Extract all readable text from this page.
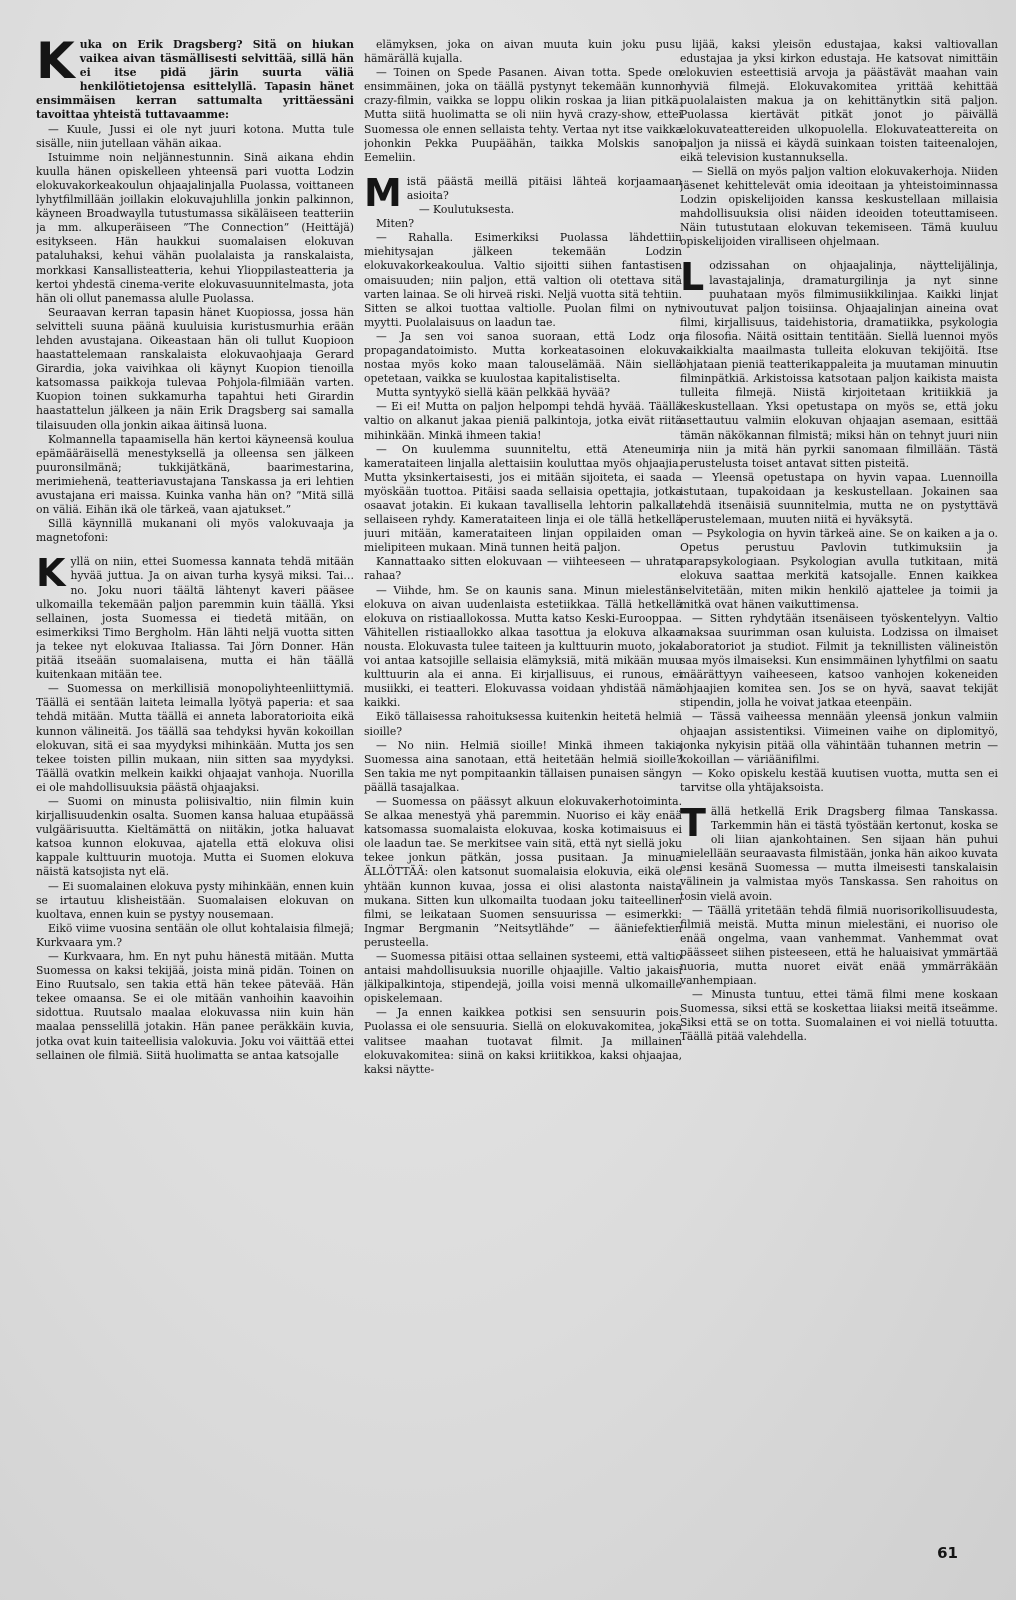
Kuka on Erik Dragsberg? Sitä on hiukan vaikea aivan täsmällisesti selvittää, sillä hän ei itse pidä järin suurta väliä henkilötietojensa esittelyllä. Tapasin hänet ensimmäisen kerran sattumalta yrittäessäni tavoittaa yhteistä tuttavaamme:

— Kuule, Jussi ei ole nyt juuri kotona. Mutta tule sisälle, niin jutellaan vähän aikaa.

Istuimme noin neljännestunnin. Sinä aikana ehdin kuulla hänen opiskelleen yhteensä pari vuotta Lodzin elokuvakorkeakoulun ohjaajalinjalla Puolassa, voittaneen lyhytfilmillään joillakin elokuvajuhlilla jonkin palkinnon, käyneen Broadwaylla tutustumassa sikäläiseen teatteriin ja mm. alkuperäiseen ”The Connection” (Heittäjä) esitykseen. Hän haukkui suomalaisen elokuvan pataluhaksi, kehui vähän puolalaista ja ranskalaista, morkkasi Kansallisteatteria, kehui Ylioppilasteatteria ja kertoi yhdestä cinema-verite elokuvasuunnitelmasta, jota hän oli ollut panemassa alulle Puolassa.

Seuraavan kerran tapasin hänet Kuopiossa, jossa hän selvitteli suuna päänä kuuluisia kuristusmurhia erään lehden avustajana. Oikeastaan hän oli tullut Kuopioon haastattelemaan ranskalaista elokuvaohjaaja Gerard Girardia, joka vaivihkaa oli käynyt Kuopion tienoilla katsomassa paikkoja tulevaa Pohjola-filmiään varten. Kuopion toinen sukkamurha tapahtui heti Girardin haastattelun jälkeen ja näin Erik Dragsberg sai samalla tilaisuuden olla jonkin aikaa äitinsä luona.

Kolmannella tapaamisella hän kertoi käyneensä koulua epämääräisellä menestyksellä ja olleensa sen jälkeen puuronsilmänä; tukkijätkänä, baarimestarina, merimiehenä, teatteriavustajana Tanskassa ja eri lehtien avustajana eri maissa. Kuinka vanha hän on? ”Mitä sillä on väliä. Eihän ikä ole tärkeä, vaan ajatukset.”

Sillä käynnillä mukanani oli myös valokuvaaja ja magnetofoni:

Kyllä on niin, ettei Suomessa kannata tehdä mitään hyvää juttua. Ja on aivan turha kysyä miksi. Tai… no. Joku nuori täältä lähtenyt kaveri pääsee ulkomailla tekemään paljon paremmin kuin täällä. Yksi sellainen, josta Suomessa ei tiedetä mitään, on esimerkiksi Timo Bergholm. Hän lähti neljä vuotta sitten ja tekee nyt elokuvaa Italiassa. Tai Jörn Donner. Hän pitää itseään suomalaisena, mutta ei hän täällä kuitenkaan mitään tee.

— Suomessa on merkillisiä monopoliyhteenliittymiä. Täällä ei sentään laiteta leimalla lyötyä paperia: et saa tehdä mitään. Mutta täällä ei anneta laboratorioita eikä kunnon välineitä. Jos täällä saa tehdyksi hyvän kokoillan elokuvan, sitä ei saa myydyksi mihinkään. Mutta jos sen tekee toisten pillin mukaan, niin sitten saa myydyksi. Täällä ovatkin melkein kaikki ohjaajat vanhoja. Nuorilla ei ole mahdollisuuksia päästä ohjaajaksi.

— Suomi on minusta poliisivaltio, niin filmin kuin kirjallisuudenkin osalta. Suomen kansa haluaa etupäässä vulgäärisuutta. Kieltämättä on niitäkin, jotka haluavat katsoa kunnon elokuvaa, ajatella että elokuva olisi kappale kulttuurin muotoja. Mutta ei Suomen elokuva näistä katsojista nyt elä.

— Ei suomalainen elokuva pysty mihinkään, ennen kuin se irtautuu klisheistään. Suomalaisen elokuvan on kuoltava, ennen kuin se pystyy nousemaan.

Eikö viime vuosina sentään ole ollut kohtalaisia filmejä; Kurkvaara ym.?

— Kurkvaara, hm. En nyt puhu hänestä mitään. Mutta Suomessa on kaksi tekijää, joista minä pidän. Toinen on Eino Ruutsalo, sen takia että hän tekee pätevää. Hän tekee omaansa. Se ei ole mitään vanhoihin kaavoihin sidottua. Ruutsalo maalaa elokuvassa niin kuin hän maalaa pensselillä jotakin. Hän panee peräkkäin kuvia, jotka ovat kuin taiteellisia valokuvia. Joku voi väittää ettei sellainen ole filmiä. Siitä huolimatta se antaa katsojalle

elämyksen, joka on aivan muuta kuin joku pusu hämärällä kujalla.

— Toinen on Spede Pasanen. Aivan totta. Spede on ensimmäinen, joka on täällä pystynyt tekemään kunnon crazy-filmin, vaikka se loppu olikin roskaa ja liian pitkä. Mutta siitä huolimatta se oli niin hyvä crazy-show, ettei Suomessa ole ennen sellaista tehty. Vertaa nyt itse vaikka johonkin Pekka Puupäähän, taikka Molskis sanoi Eemeliin.

Mistä päästä meillä pitäisi lähteä korjaamaan asioita?

— Koulutuksesta.

Miten?

— Rahalla. Esimerkiksi Puolassa lähdettiin miehitysajan jälkeen tekemään Lodzin elokuvakorkeakoulua. Valtio sijoitti siihen fantastisen omaisuuden; niin paljon, että valtion oli otettava sitä varten lainaa. Se oli hirveä riski. Neljä vuotta sitä tehtiin. Sitten se alkoi tuottaa valtiolle. Puolan filmi on nyt myytti. Puolalaisuus on laadun tae.

— Ja sen voi sanoa suoraan, että Lodz on propagandatoimisto. Mutta korkeatasoinen elokuva nostaa myös koko maan talouselämää. Näin siellä opetetaan, vaikka se kuulostaa kapitalistiselta.

Mutta syntyykö siellä kään pelkkää hyvää?

— Ei ei! Mutta on paljon helpompi tehdä hyvää. Täällä valtio on alkanut jakaa pieniä palkintoja, jotka eivät riitä mihinkään. Minkä ihmeen takia!

— On kuulemma suunniteltu, että Ateneumin kamerataiteen linjalla alettaisiin kouluttaa myös ohjaajia. Mutta yksinkertaisesti, jos ei mitään sijoiteta, ei saada myöskään tuottoa. Pitäisi saada sellaisia opettajia, jotka osaavat jotakin. Ei kukaan tavallisella lehtorin palkalla sellaiseen ryhdy. Kamerataiteen linja ei ole tällä hetkellä juuri mitään, kamerataiteen linjan oppilaiden oman mielipiteen mukaan. Minä tunnen heitä paljon.

Kannattaako sitten elokuvaan — viihteeseen — uhrata rahaa?

— Viihde, hm. Se on kaunis sana. Minun mielestäni elokuva on aivan uudenlaista estetiikkaa. Tällä hetkellä elokuva on ristiaallokossa. Mutta katso Keski-Eurooppaa. Vähitellen ristiaallokko alkaa tasottua ja elokuva alkaa nousta. Elokuvasta tulee taiteen ja kulttuurin muoto, joka voi antaa katsojille sellaisia elämyksiä, mitä mikään muu kulttuurin ala ei anna. Ei kirjallisuus, ei runous, ei musiikki, ei teatteri. Elokuvassa voidaan yhdistää nämä kaikki.

Eikö tällaisessa rahoituksessa kuitenkin heitetä helmiä sioille?

— No niin. Helmiä sioille! Minkä ihmeen takia Suomessa aina sanotaan, että heitetään helmiä sioille? Sen takia me nyt pompitaankin tällaisen punaisen sängyn päällä tasajalkaa.

— Suomessa on päässyt alkuun elokuvakerhotoiminta. Se alkaa menestyä yhä paremmin. Nuoriso ei käy enää katsomassa suomalaista elokuvaa, koska kotimaisuus ei ole laadun tae. Se merkitsee vain sitä, että nyt siellä joku tekee jonkun pätkän, jossa pusitaan. Ja minua ÄLLÖTTÄÄ: olen katsonut suomalaisia elokuvia, eikä ole yhtään kunnon kuvaa, jossa ei olisi alastonta naista mukana. Sitten kun ulkomailta tuodaan joku taiteellinen filmi, se leikataan Suomen sensuurissa — esimerkki: Ingmar Bergmanin ”Neitsytlähde” — ääniefektien perusteella.

— Suomessa pitäisi ottaa sellainen systeemi, että valtio antaisi mahdollisuuksia nuorille ohjaajille. Valtio jakaisi jälkipalkintoja, stipendejä, joilla voisi mennä ulkomaille opiskelemaan.

— Ja ennen kaikkea potkisi sen sensuurin pois. Puolassa ei ole sensuuria. Siellä on elokuvakomitea, joka valitsee maahan tuotavat filmit. Ja millainen elokuvakomitea: siinä on kaksi kriitikkoa, kaksi ohjaajaa, kaksi näytte-

lijää, kaksi yleisön edustajaa, kaksi valtiovallan edustajaa ja yksi kirkon edustaja. He katsovat nimittäin elokuvien esteettisiä arvoja ja päästävät maahan vain hyviä filmejä. Elokuvakomitea yrittää kehittää puolalaisten makua ja on kehittänytkin sitä paljon. Puolassa kiertävät pitkät jonot jo päivällä elokuvateattereiden ulkopuolella. Elokuvateattereita on paljon ja niissä ei käydä suinkaan toisten taiteenalojen, eikä television kustannuksella.

— Siellä on myös paljon valtion elokuvakerhoja. Niiden jäsenet kehittelevät omia ideoitaan ja yhteistoiminnassa Lodzin opiskelijoiden kanssa keskustellaan millaisia mahdollisuuksia olisi näiden ideoiden toteuttamiseen. Näin tutustutaan elokuvan tekemiseen. Tämä kuuluu opiskelijoiden viralliseen ohjelmaan.

Lodzissahan on ohjaajalinja, näyttelijälinja, lavastajalinja, dramaturgilinja ja nyt sinne puuhataan myös filmimusiikkilinjaa. Kaikki linjat nivoutuvat paljon toisiinsa. Ohjaajalinjan aineina ovat filmi, kirjallisuus, taidehistoria, dramatiikka, psykologia ja filosofia. Näitä osittain tentitään. Siellä luennoi myös kaikkialta maailmasta tulleita elokuvan tekijöitä. Itse ohjataan pieniä teatterikappaleita ja muutaman minuutin filminpätkiä. Arkistoissa katsotaan paljon kaikista maista tulleita filmejä. Niistä kirjoitetaan kritiikkiä ja keskustellaan. Yksi opetustapa on myös se, että joku asettautuu valmiin elokuvan ohjaajan asemaan, esittää tämän näkökannan filmistä; miksi hän on tehnyt juuri niin ja niin ja mitä hän pyrkii sanomaan filmillään. Tästä perustelusta toiset antavat sitten pisteitä.

— Yleensä opetustapa on hyvin vapaa. Luennoilla istutaan, tupakoidaan ja keskustellaan. Jokainen saa tehdä itsenäisiä suunnitelmia, mutta ne on pystyttävä perustelemaan, muuten niitä ei hyväksytä.

— Psykologia on hyvin tärkeä aine. Se on kaiken a ja o. Opetus perustuu Pavlovin tutkimuksiin ja parapsykologiaan. Psykologian avulla tutkitaan, mitä elokuva saattaa merkitä katsojalle. Ennen kaikkea selvitetään, miten mikin henkilö ajattelee ja toimii ja mitkä ovat hänen vaikuttimensa.

— Sitten ryhdytään itsenäiseen työskentelyyn. Valtio maksaa suurimman osan kuluista. Lodzissa on ilmaiset laboratoriot ja studiot. Filmit ja teknillisten välineistön saa myös ilmaiseksi. Kun ensimmäinen lyhytfilmi on saatu määrättyyn vaiheeseen, katsoo vanhojen kokeneiden ohjaajien komitea sen. Jos se on hyvä, saavat tekijät stipendin, jolla he voivat jatkaa eteenpäin.

— Tässä vaiheessa mennään yleensä jonkun valmiin ohjaajan assistentiksi. Viimeinen vaihe on diplomityö, jonka nykyisin pitää olla vähintään tuhannen metrin — kokoillan — väriäänifilmi.

— Koko opiskelu kestää kuutisen vuotta, mutta sen ei tarvitse olla yhtäjaksoista.

Tällä hetkellä Erik Dragsberg filmaa Tanskassa. Tarkemmin hän ei tästä työstään kertonut, koska se oli liian ajankohtainen. Sen sijaan hän puhui mielellään seuraavasta filmistään, jonka hän aikoo kuvata ensi kesänä Suomessa — mutta ilmeisesti tanskalaisin välinein ja valmistaa myös Tanskassa. Sen rahoitus on tosin vielä avoin.

— Täällä yritetään tehdä filmiä nuorisorikollisuudesta, filmiä meistä. Mutta minun mielestäni, ei nuoriso ole enää ongelma, vaan vanhemmat. Vanhemmat ovat päässeet siihen pisteeseen, että he haluaisivat ymmärtää nuoria, mutta nuoret eivät enää ymmärräkään vanhempiaan.

— Minusta tuntuu, ettei tämä filmi mene koskaan Suomessa, siksi että se koskettaa liiaksi meitä itseämme. Siksi että se on totta. Suomalainen ei voi niellä totuutta. Täällä pitää valehdella.

61
